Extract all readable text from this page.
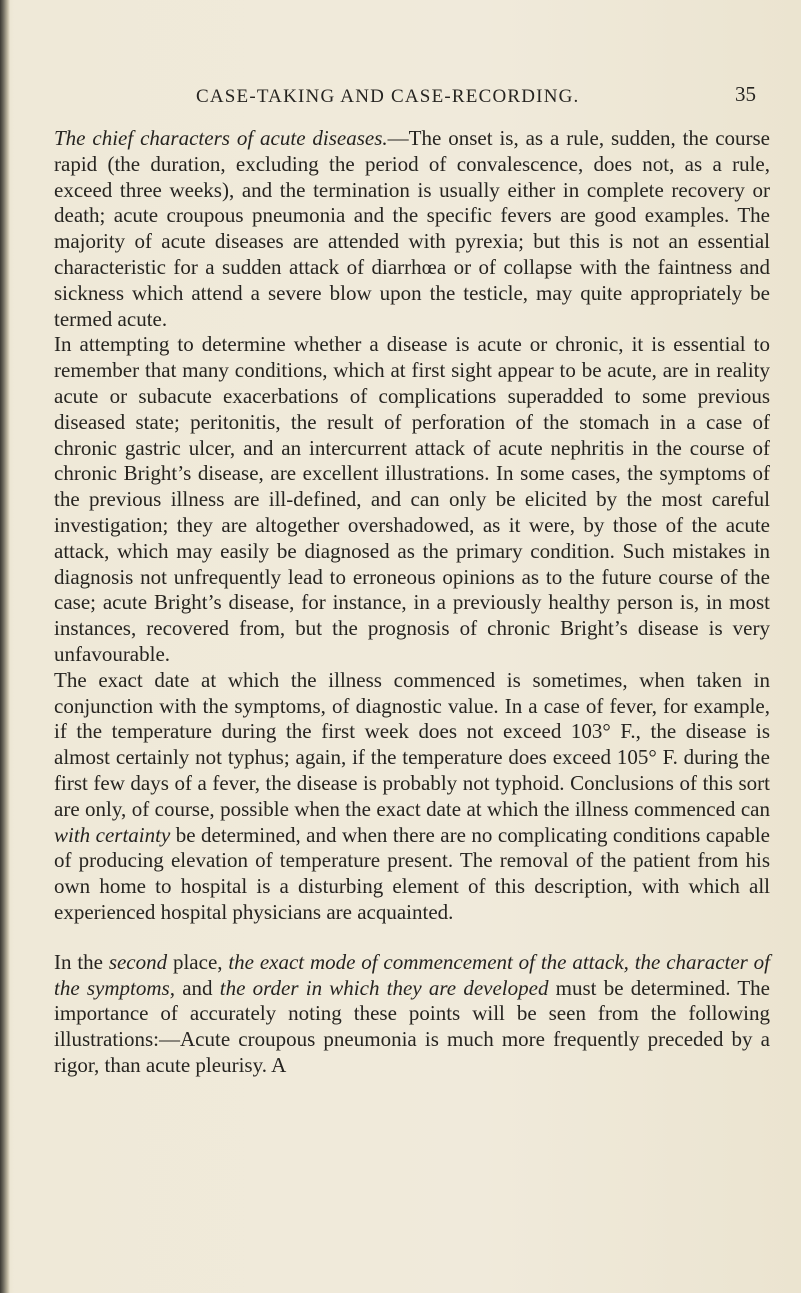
CASE-TAKING AND CASE-RECORDING.	35

The chief characters of acute diseases.—The onset is, as a rule, sudden, the course rapid (the duration, excluding the period of convalescence, does not, as a rule, exceed three weeks), and the termination is usually either in complete recovery or death; acute croupous pneumonia and the specific fevers are good examples. The majority of acute diseases are attended with pyrexia; but this is not an essential characteristic for a sudden attack of diarrhœa or of collapse with the faintness and sickness which attend a severe blow upon the testicle, may quite appropriately be termed acute.

In attempting to determine whether a disease is acute or chronic, it is essential to remember that many conditions, which at first sight appear to be acute, are in reality acute or subacute exacerbations of complications superadded to some previous diseased state; peritonitis, the result of perforation of the stomach in a case of chronic gastric ulcer, and an intercurrent attack of acute nephritis in the course of chronic Bright’s disease, are excellent illustrations. In some cases, the symptoms of the previous illness are ill-defined, and can only be elicited by the most careful investigation; they are altogether overshadowed, as it were, by those of the acute attack, which may easily be diagnosed as the primary condition. Such mistakes in diagnosis not unfrequently lead to erroneous opinions as to the future course of the case; acute Bright’s disease, for instance, in a previously healthy person is, in most instances, recovered from, but the prognosis of chronic Bright’s disease is very unfavourable.

The exact date at which the illness commenced is sometimes, when taken in conjunction with the symptoms, of diagnostic value. In a case of fever, for example, if the temperature during the first week does not exceed 103° F., the disease is almost certainly not typhus; again, if the temperature does exceed 105° F. during the first few days of a fever, the disease is probably not typhoid. Conclusions of this sort are only, of course, possible when the exact date at which the illness commenced can with certainty be determined, and when there are no complicating conditions capable of producing elevation of temperature present. The removal of the patient from his own home to hospital is a disturbing element of this description, with which all experienced hospital physicians are acquainted.

In the second place, the exact mode of commencement of the attack, the character of the symptoms, and the order in which they are developed must be determined. The importance of accurately noting these points will be seen from the following illustrations:—Acute croupous pneumonia is much more frequently preceded by a rigor, than acute pleurisy. A
